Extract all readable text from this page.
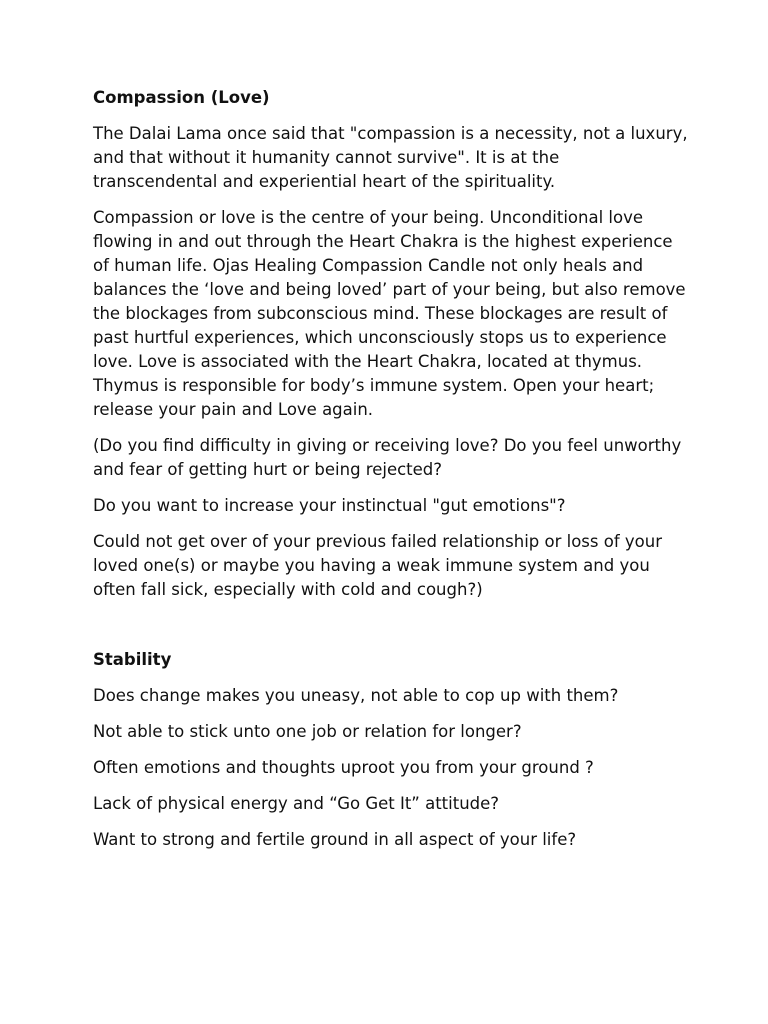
Compassion (Love)

The Dalai Lama once said that "compassion is a necessity, not a luxury, and that without it humanity cannot survive". It is at the transcendental and experiential heart of the spirituality.

Compassion or love is the centre of your being. Unconditional love flowing in and out through the Heart Chakra is the highest experience of human life. Ojas Healing Compassion Candle not only heals and balances the ‘love and being loved’ part of your being, but also remove the blockages from subconscious mind. These blockages are result of past hurtful experiences, which unconsciously stops us to experience love. Love is associated with the Heart Chakra, located at thymus. Thymus is responsible for body’s immune system. Open your heart; release your pain and Love again.

(Do you find difficulty in giving or receiving love? Do you feel unworthy and fear of getting hurt or being rejected?

Do you want to increase your instinctual "gut emotions"?

Could not get over of your previous failed relationship or loss of your loved one(s) or maybe you having a weak immune system and you often fall sick, especially with cold and cough?)

Stability

Does change makes you uneasy, not able to cop up with them?

Not able to stick unto one job or relation for longer?

Often emotions and thoughts uproot you from your ground ?

Lack of physical energy and “Go Get It” attitude?

Want to strong and fertile ground in all aspect of your life?
